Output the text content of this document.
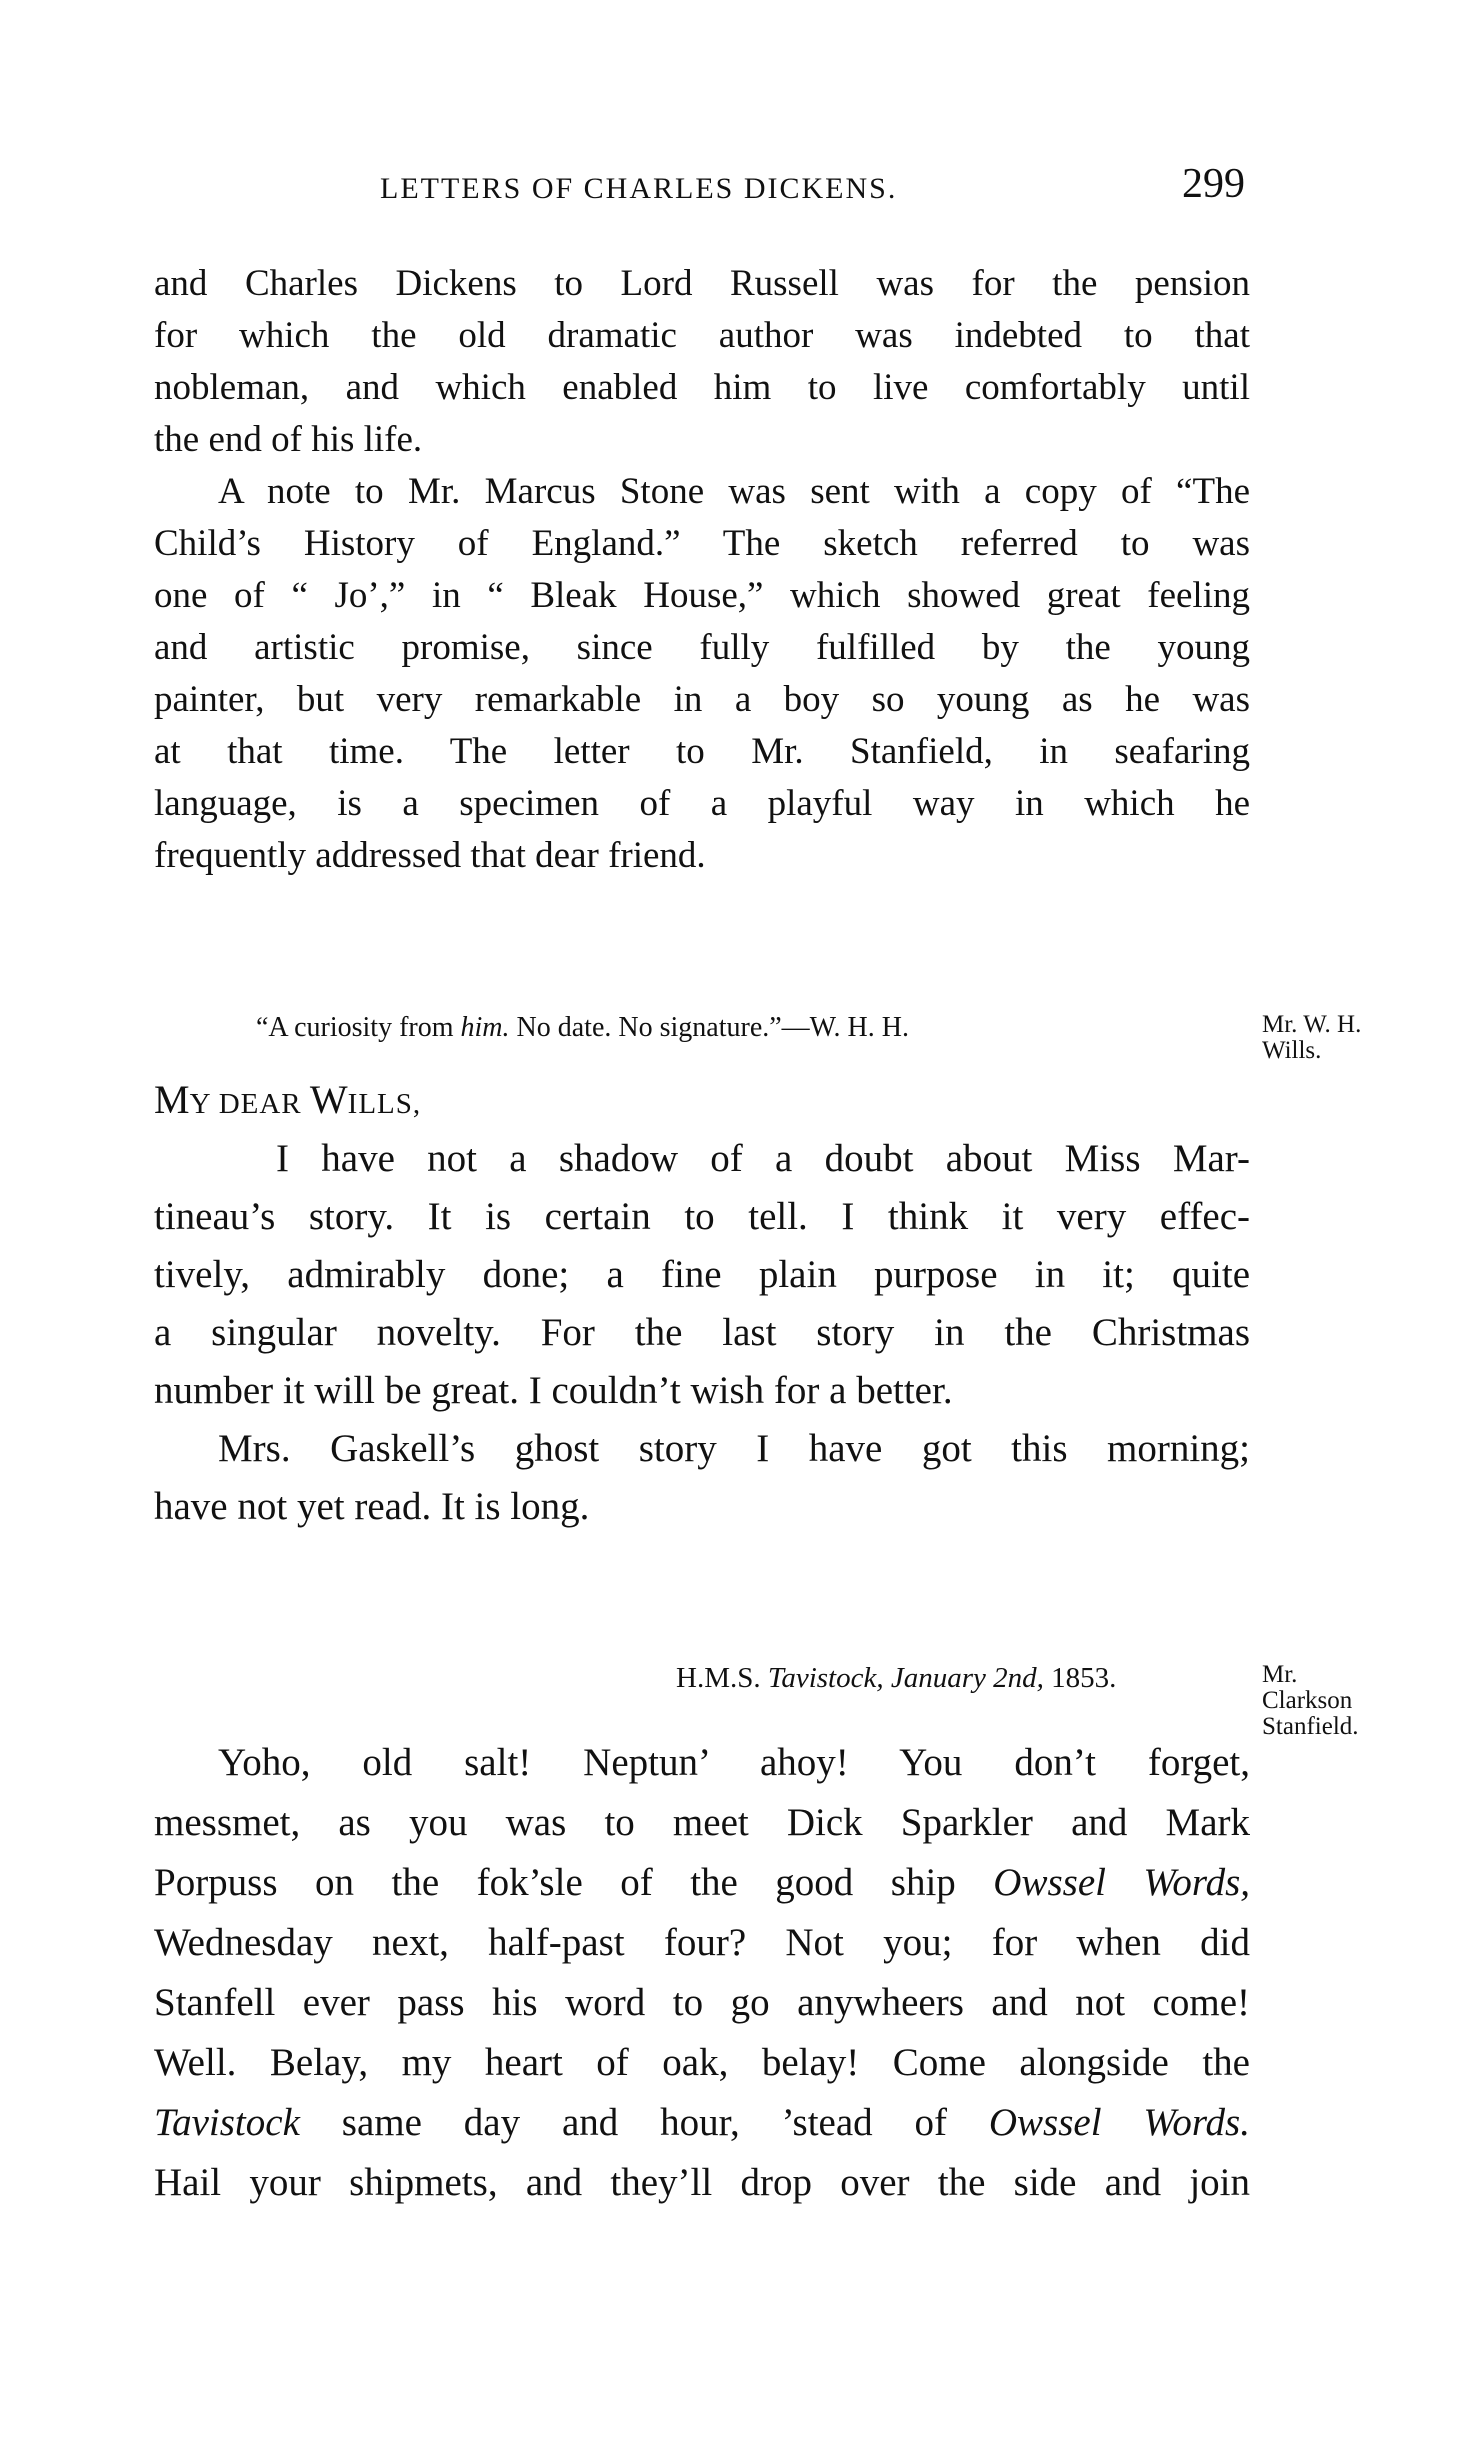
LETTERS OF CHARLES DICKENS.	299
and Charles Dickens to Lord Russell was for the pension
for which the old dramatic author was indebted to that
nobleman, and which enabled him to live comfortably until
the end of his life.
A note to Mr. Marcus Stone was sent with a copy of “The
Child’s History of England.” The sketch referred to was
one of “ Jo’,” in “ Bleak House,” which showed great feeling
and artistic promise, since fully fulfilled by the young
painter, but very remarkable in a boy so young as he was
at that time. The letter to Mr. Stanfield, in seafaring
language, is a specimen of a playful way in which he
frequently addressed that dear friend.
“A curiosity from him. No date. No signature.”—W. H. H.	Mr. W. H.
Wills.
MY DEAR WILLS,
I have not a shadow of a doubt about Miss Mar-
tineau’s story. It is certain to tell. I think it very effec-
tively, admirably done; a fine plain purpose in it; quite
a singular novelty. For the last story in the Christmas
number it will be great. I couldn’t wish for a better.
Mrs. Gaskell’s ghost story I have got this morning;
have not yet read. It is long.
H.M.S. Tavistock, January 2nd, 1853.	Mr.
Clarkson
Stanfield.
Yoho, old salt! Neptun’ ahoy! You don’t forget,
messmet, as you was to meet Dick Sparkler and Mark
Porpuss on the fok’sle of the good ship Owssel Words,
Wednesday next, half-past four? Not you; for when did
Stanfell ever pass his word to go anywheers and not come!
Well. Belay, my heart of oak, belay! Come alongside the
Tavistock same day and hour, ’stead of Owssel Words.
Hail your shipmets, and they’ll drop over the side and join
